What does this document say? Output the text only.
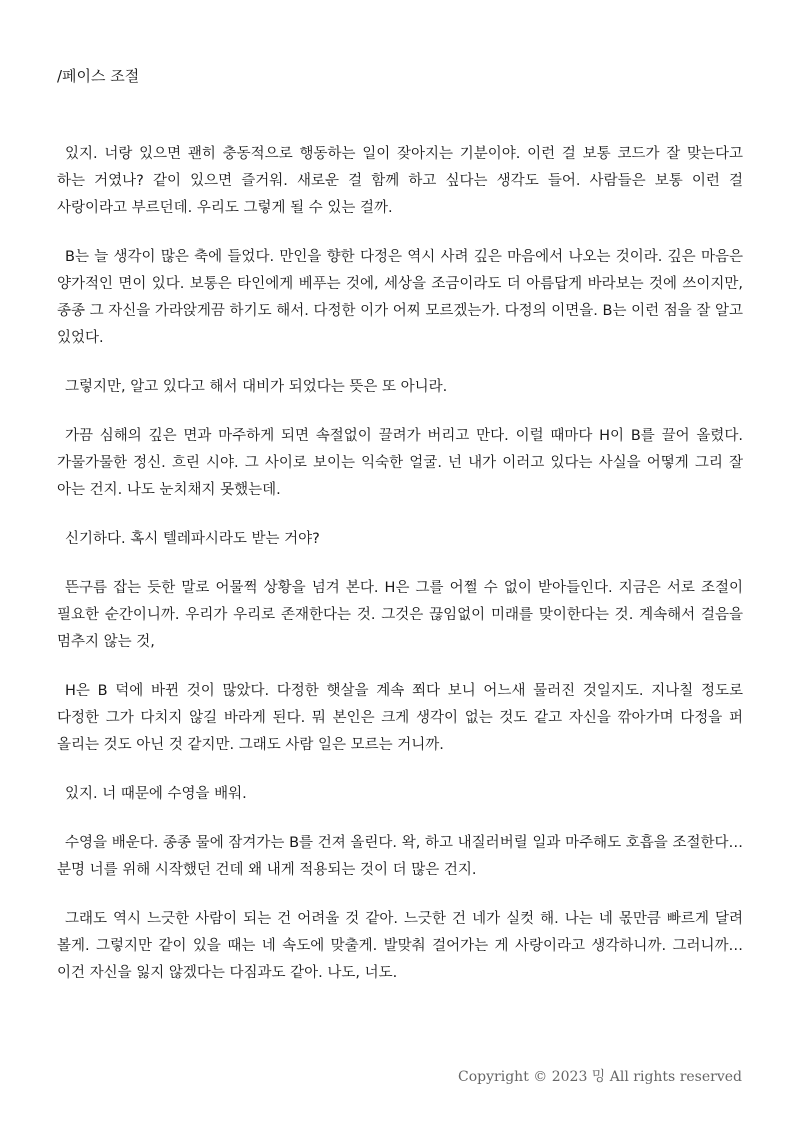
/페이스 조절

있지. 너랑 있으면 괜히 충동적으로 행동하는 일이 잦아지는 기분이야. 이런 걸 보통 코드가 잘 맞는다고 하는 거였나? 같이 있으면 즐거워. 새로운 걸 함께 하고 싶다는 생각도 들어. 사람들은 보통 이런 걸 사랑이라고 부르던데. 우리도 그렇게 될 수 있는 걸까.

B는 늘 생각이 많은 축에 들었다. 만인을 향한 다정은 역시 사려 깊은 마음에서 나오는 것이라. 깊은 마음은 양가적인 면이 있다. 보통은 타인에게 베푸는 것에, 세상을 조금이라도 더 아름답게 바라보는 것에 쓰이지만, 종종 그 자신을 가라앉게끔 하기도 해서. 다정한 이가 어찌 모르겠는가. 다정의 이면을. B는 이런 점을 잘 알고 있었다.

그렇지만, 알고 있다고 해서 대비가 되었다는 뜻은 또 아니라.

가끔 심해의 깊은 면과 마주하게 되면 속절없이 끌려가 버리고 만다. 이럴 때마다 H이 B를 끌어 올렸다. 가물가물한 정신. 흐린 시야. 그 사이로 보이는 익숙한 얼굴. 넌 내가 이러고 있다는 사실을 어떻게 그리 잘 아는 건지. 나도 눈치채지 못했는데.

신기하다. 혹시 텔레파시라도 받는 거야?

뜬구름 잡는 듯한 말로 어물쩍 상황을 넘겨 본다. H은 그를 어쩔 수 없이 받아들인다. 지금은 서로 조절이 필요한 순간이니까. 우리가 우리로 존재한다는 것. 그것은 끊임없이 미래를 맞이한다는 것. 계속해서 걸음을 멈추지 않는 것,

H은 B 덕에 바뀐 것이 많았다. 다정한 햇살을 계속 쬐다 보니 어느새 물러진 것일지도. 지나칠 정도로 다정한 그가 다치지 않길 바라게 된다. 뭐 본인은 크게 생각이 없는 것도 같고 자신을 깎아가며 다정을 퍼 올리는 것도 아닌 것 같지만. 그래도 사람 일은 모르는 거니까.

있지. 너 때문에 수영을 배워.

수영을 배운다. 종종 물에 잠겨가는 B를 건져 올린다. 왁, 하고 내질러버릴 일과 마주해도 호흡을 조절한다… 분명 너를 위해 시작했던 건데 왜 내게 적용되는 것이 더 많은 건지.

그래도 역시 느긋한 사람이 되는 건 어려울 것 같아. 느긋한 건 네가 실컷 해. 나는 네 몫만큼 빠르게 달려 볼게. 그렇지만 같이 있을 때는 네 속도에 맞출게. 발맞춰 걸어가는 게 사랑이라고 생각하니까. 그러니까… 이건 자신을 잃지 않겠다는 다짐과도 같아. 나도, 너도.

Copyright © 2023 밍 All rights reserved
